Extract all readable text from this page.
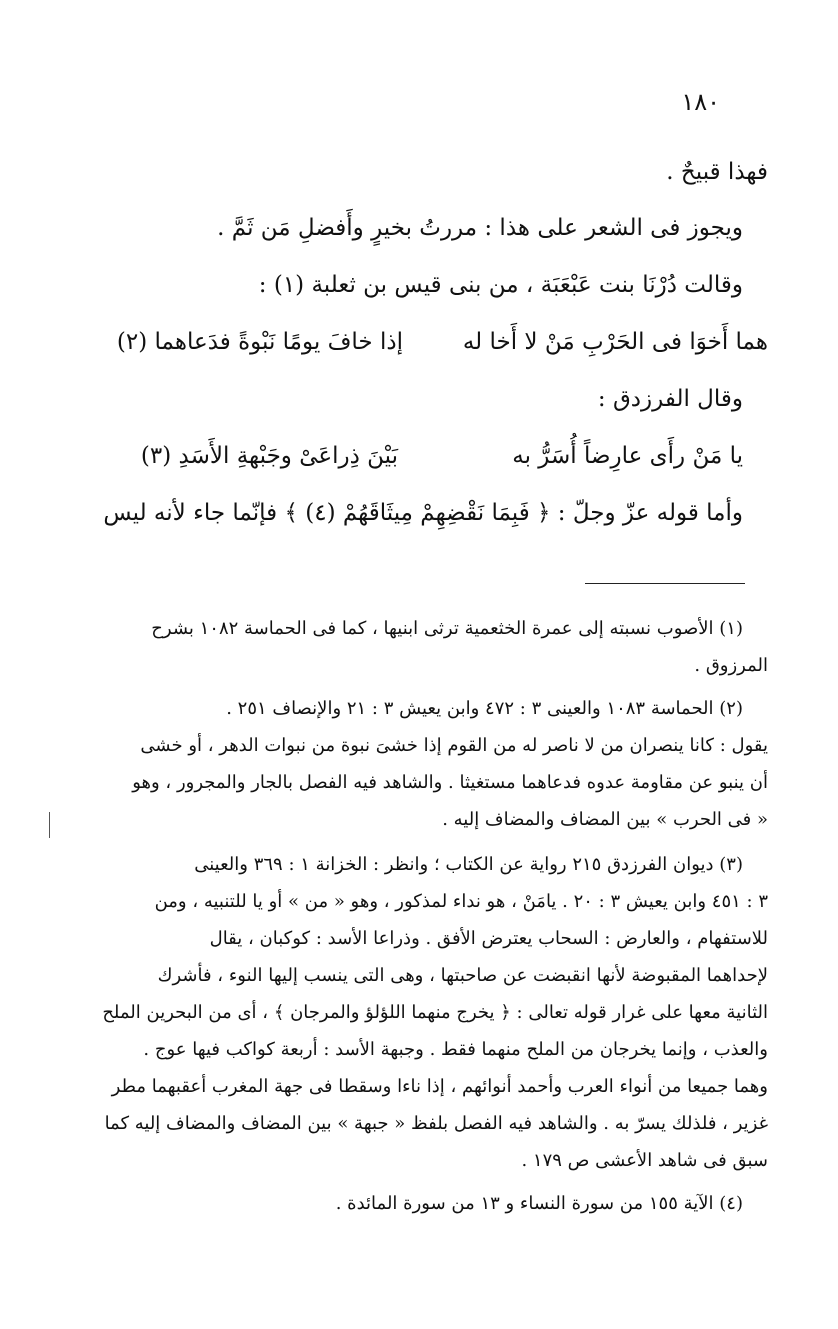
١٨٠

فهذا قبيحٌ .

ويجوز فى الشعر على هذا : مررتُ بخيرٍ وأَفضلِ مَن ثَمَّ .

وقالت دُرْنَا بنت عَبْعَبَة ، من بنى قيس بن ثعلبة (١) :

هما أَخوَا فى الحَرْبِ مَنْ لا أَخا له
إذا خافَ يومًا نَبْوةً فدَعاهما (٢)

وقال الفرزدق :

يا مَنْ رأَى عارِضاً أُسَرُّ به
بَيْنَ ذِراعَىْ وجَبْهةِ الأَسَدِ (٣)

وأما قوله عزّ وجلّ : ﴿ فَبِمَا نَقْضِهِمْ مِيثَاقَهُمْ (٤) ﴾ فإنّما جاء لأنه ليس

(١) الأصوب نسبته إلى عمرة الخثعمية ترثى ابنيها ، كما فى الحماسة ١٠٨٢ بشرح

المرزوق .

(٢) الحماسة ١٠٨٣ والعينى ٣ : ٤٧٢ وابن يعيش ٣ : ٢١ والإنصاف ٢٥١ .

يقول : كانا ينصران من لا ناصر له من القوم إذا خشىَ نبوة من نبوات الدهر ، أو خشى

أن ينبو عن مقاومة عدوه فدعاهما مستغيثا . والشاهد فيه الفصل بالجار والمجرور ، وهو

« فى الحرب » بين المضاف والمضاف إليه .

(٣) ديوان الفرزدق ٢١٥ رواية عن الكتاب ؛ وانظر : الخزانة ١ : ٣٦٩ والعينى

٣ : ٤٥١ وابن يعيش ٣ : ٢٠ . يامَنْ ، هو نداء لمذكور ، وهو « من » أو يا للتنبيه ، ومن

للاستفهام ، والعارض : السحاب يعترض الأفق . وذراعا الأسد : كوكبان ، يقال

لإحداهما المقبوضة لأنها انقبضت عن صاحبتها ، وهى التى ينسب إليها النوء ، فأشرك

الثانية معها على غرار قوله تعالى : ﴿ يخرج منهما اللؤلؤ والمرجان ﴾ ، أى من البحرين الملح

والعذب ، وإنما يخرجان من الملح منهما فقط . وجبهة الأسد : أربعة كواكب فيها عوج .

وهما جميعا من أنواء العرب وأحمد أنوائهم ، إذا ناءا وسقطا فى جهة المغرب أعقبهما مطر

غزير ، فلذلك يسرّ به . والشاهد فيه الفصل بلفظ « جبهة » بين المضاف والمضاف إليه كما

سبق فى شاهد الأعشى ص ١٧٩ .

(٤) الآية ١٥٥ من سورة النساء و ١٣ من سورة المائدة .
